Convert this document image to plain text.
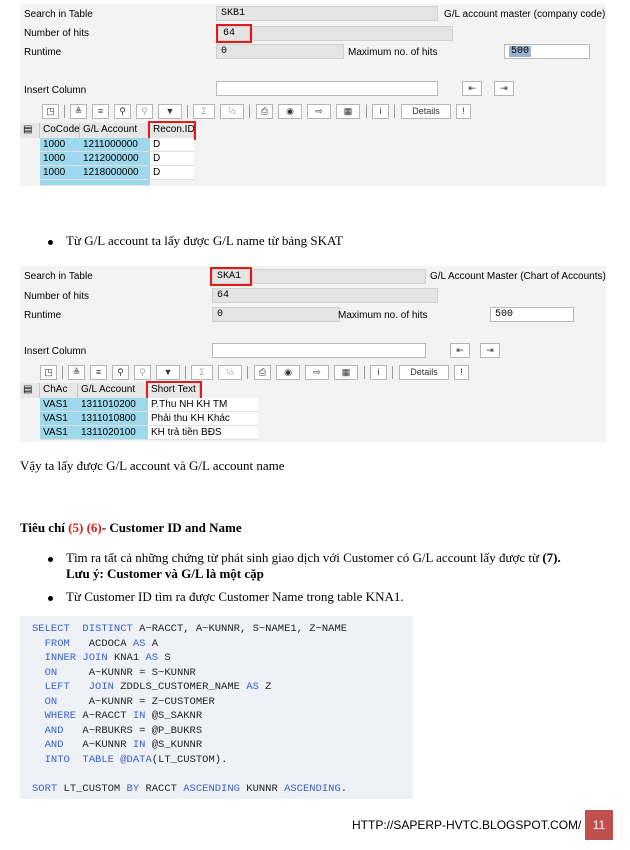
Search in Table	SKB1	G/L account master (company code)
Number of hits	64
Runtime	0	Maximum no. of hits	500
Insert Column	⇤	⇥
◳	≜	≡	⚲	⚲	▼	Σ	½	⎙	◉	⇨	▦	i	Details	!
▤	CoCode G/L Account	Recon.ID
1000	1211000000	D
1000	1212000000	D
1000	1218000000	D
Từ G/L account ta lấy được G/L name từ bảng SKAT
Search in Table	SKA1	G/L Account Master (Chart of Accounts)
Number of hits	64
Runtime	0	Maximum no. of hits	500
Insert Column	⇤	⇥
◳	≜	≡	⚲	⚲	▼	Σ	½	⎙	◉	⇨	▦	i	Details	!
▤	ChAc	G/L Account	Short Text
VAS1	1311010200	P.Thu NH KH TM
VAS1	1311010800	Phải thu KH Khác
VAS1	1311020100	KH trả tiền BĐS
Vậy ta lấy được G/L account và G/L account name
Tiêu chí (5) (6)- Customer ID and Name
Tìm ra tất cả những chứng từ phát sinh giao dịch với Customer có G/L account lấy được từ (7).
Lưu ý: Customer và G/L là một cặp
Từ Customer ID tìm ra được Customer Name trong table KNA1.
SELECT DISTINCT A~RACCT, A~KUNNR, S~NAME1, Z~NAME
FROM   ACDOCA AS A
INNER JOIN KNA1 AS S
ON     A~KUNNR = S~KUNNR
LEFT JOIN ZDDLS_CUSTOMER_NAME AS Z
ON     A~KUNNR = Z~CUSTOMER
WHERE A~RACCT IN @S_SAKNR
AND   A~RBUKRS = @P_BUKRS
AND   A~KUNNR IN @S_KUNNR
INTO TABLE @DATA(LT_CUSTOM).
SORT LT_CUSTOM BY RACCT ASCENDING KUNNR ASCENDING.
HTTP://SAPERP-HVTC.BLOGSPOT.COM/ 11
